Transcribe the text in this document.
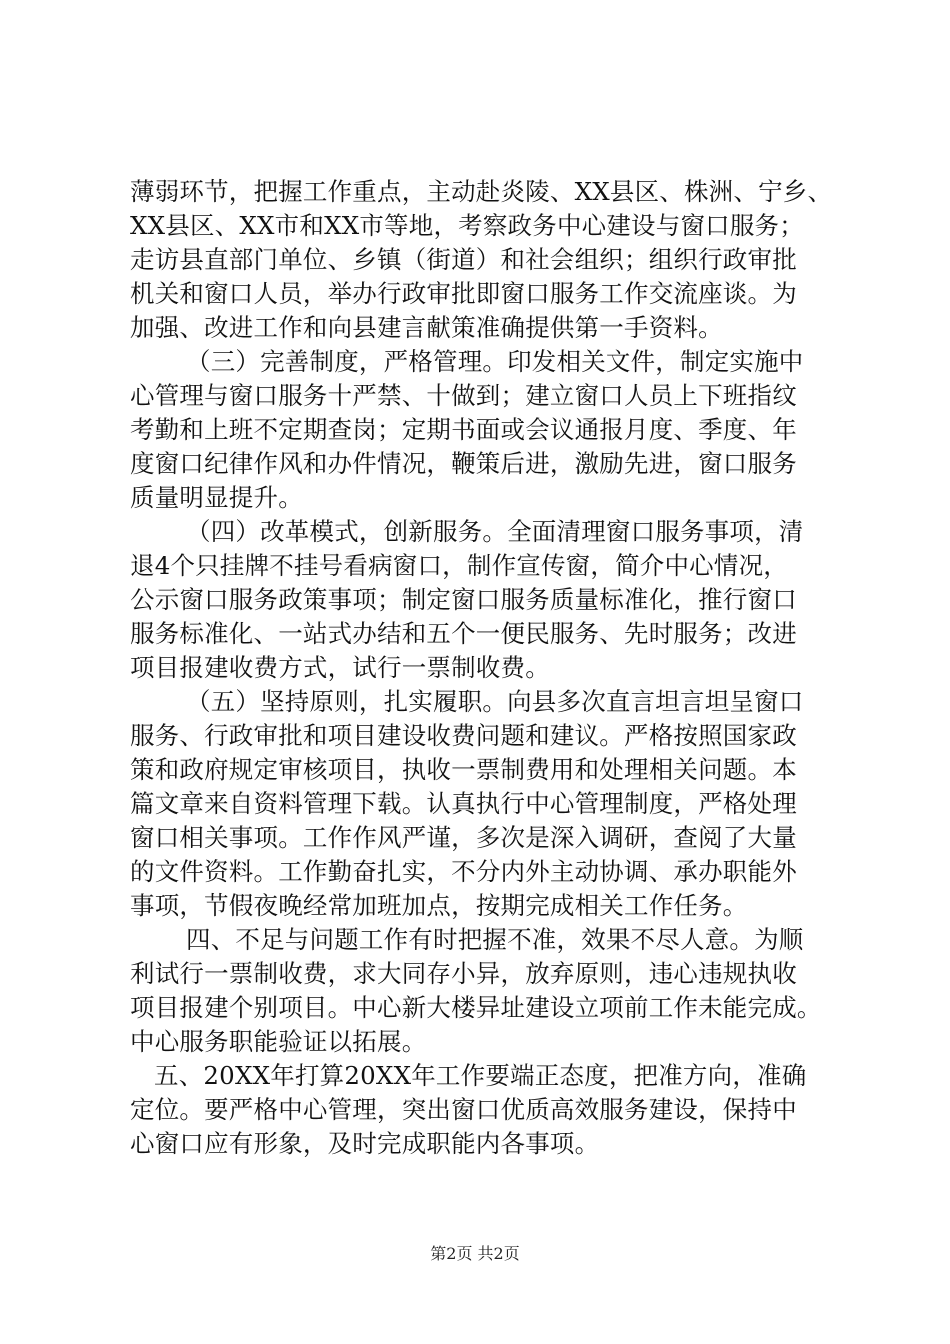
薄弱环节，把握工作重点，主动赴炎陵、XX县区、株洲、宁乡、
XX县区、XX市和XX市等地，考察政务中心建设与窗口服务；
走访县直部门单位、乡镇（街道）和社会组织；组织行政审批
机关和窗口人员，举办行政审批即窗口服务工作交流座谈。为
加强、改进工作和向县建言献策准确提供第一手资料。
（三）完善制度，严格管理。印发相关文件，制定实施中
心管理与窗口服务十严禁、十做到；建立窗口人员上下班指纹
考勤和上班不定期查岗；定期书面或会议通报月度、季度、年
度窗口纪律作风和办件情况，鞭策后进，激励先进，窗口服务
质量明显提升。
（四）改革模式，创新服务。全面清理窗口服务事项，清
退4个只挂牌不挂号看病窗口，制作宣传窗，简介中心情况，
公示窗口服务政策事项；制定窗口服务质量标准化，推行窗口
服务标准化、一站式办结和五个一便民服务、先时服务；改进
项目报建收费方式，试行一票制收费。
（五）坚持原则，扎实履职。向县多次直言坦言坦呈窗口
服务、行政审批和项目建设收费问题和建议。严格按照国家政
策和政府规定审核项目，执收一票制费用和处理相关问题。本
篇文章来自资料管理下载。认真执行中心管理制度，严格处理
窗口相关事项。工作作风严谨，多次是深入调研，查阅了大量
的文件资料。工作勤奋扎实，不分内外主动协调、承办职能外
事项，节假夜晚经常加班加点，按期完成相关工作任务。
四、不足与问题工作有时把握不准，效果不尽人意。为顺
利试行一票制收费，求大同存小异，放弃原则，违心违规执收
项目报建个别项目。中心新大楼异址建设立项前工作未能完成。
中心服务职能验证以拓展。
五、20XX年打算20XX年工作要端正态度，把准方向，准确
定位。要严格中心管理，突出窗口优质高效服务建设，保持中
心窗口应有形象，及时完成职能内各事项。
第2页 共2页
